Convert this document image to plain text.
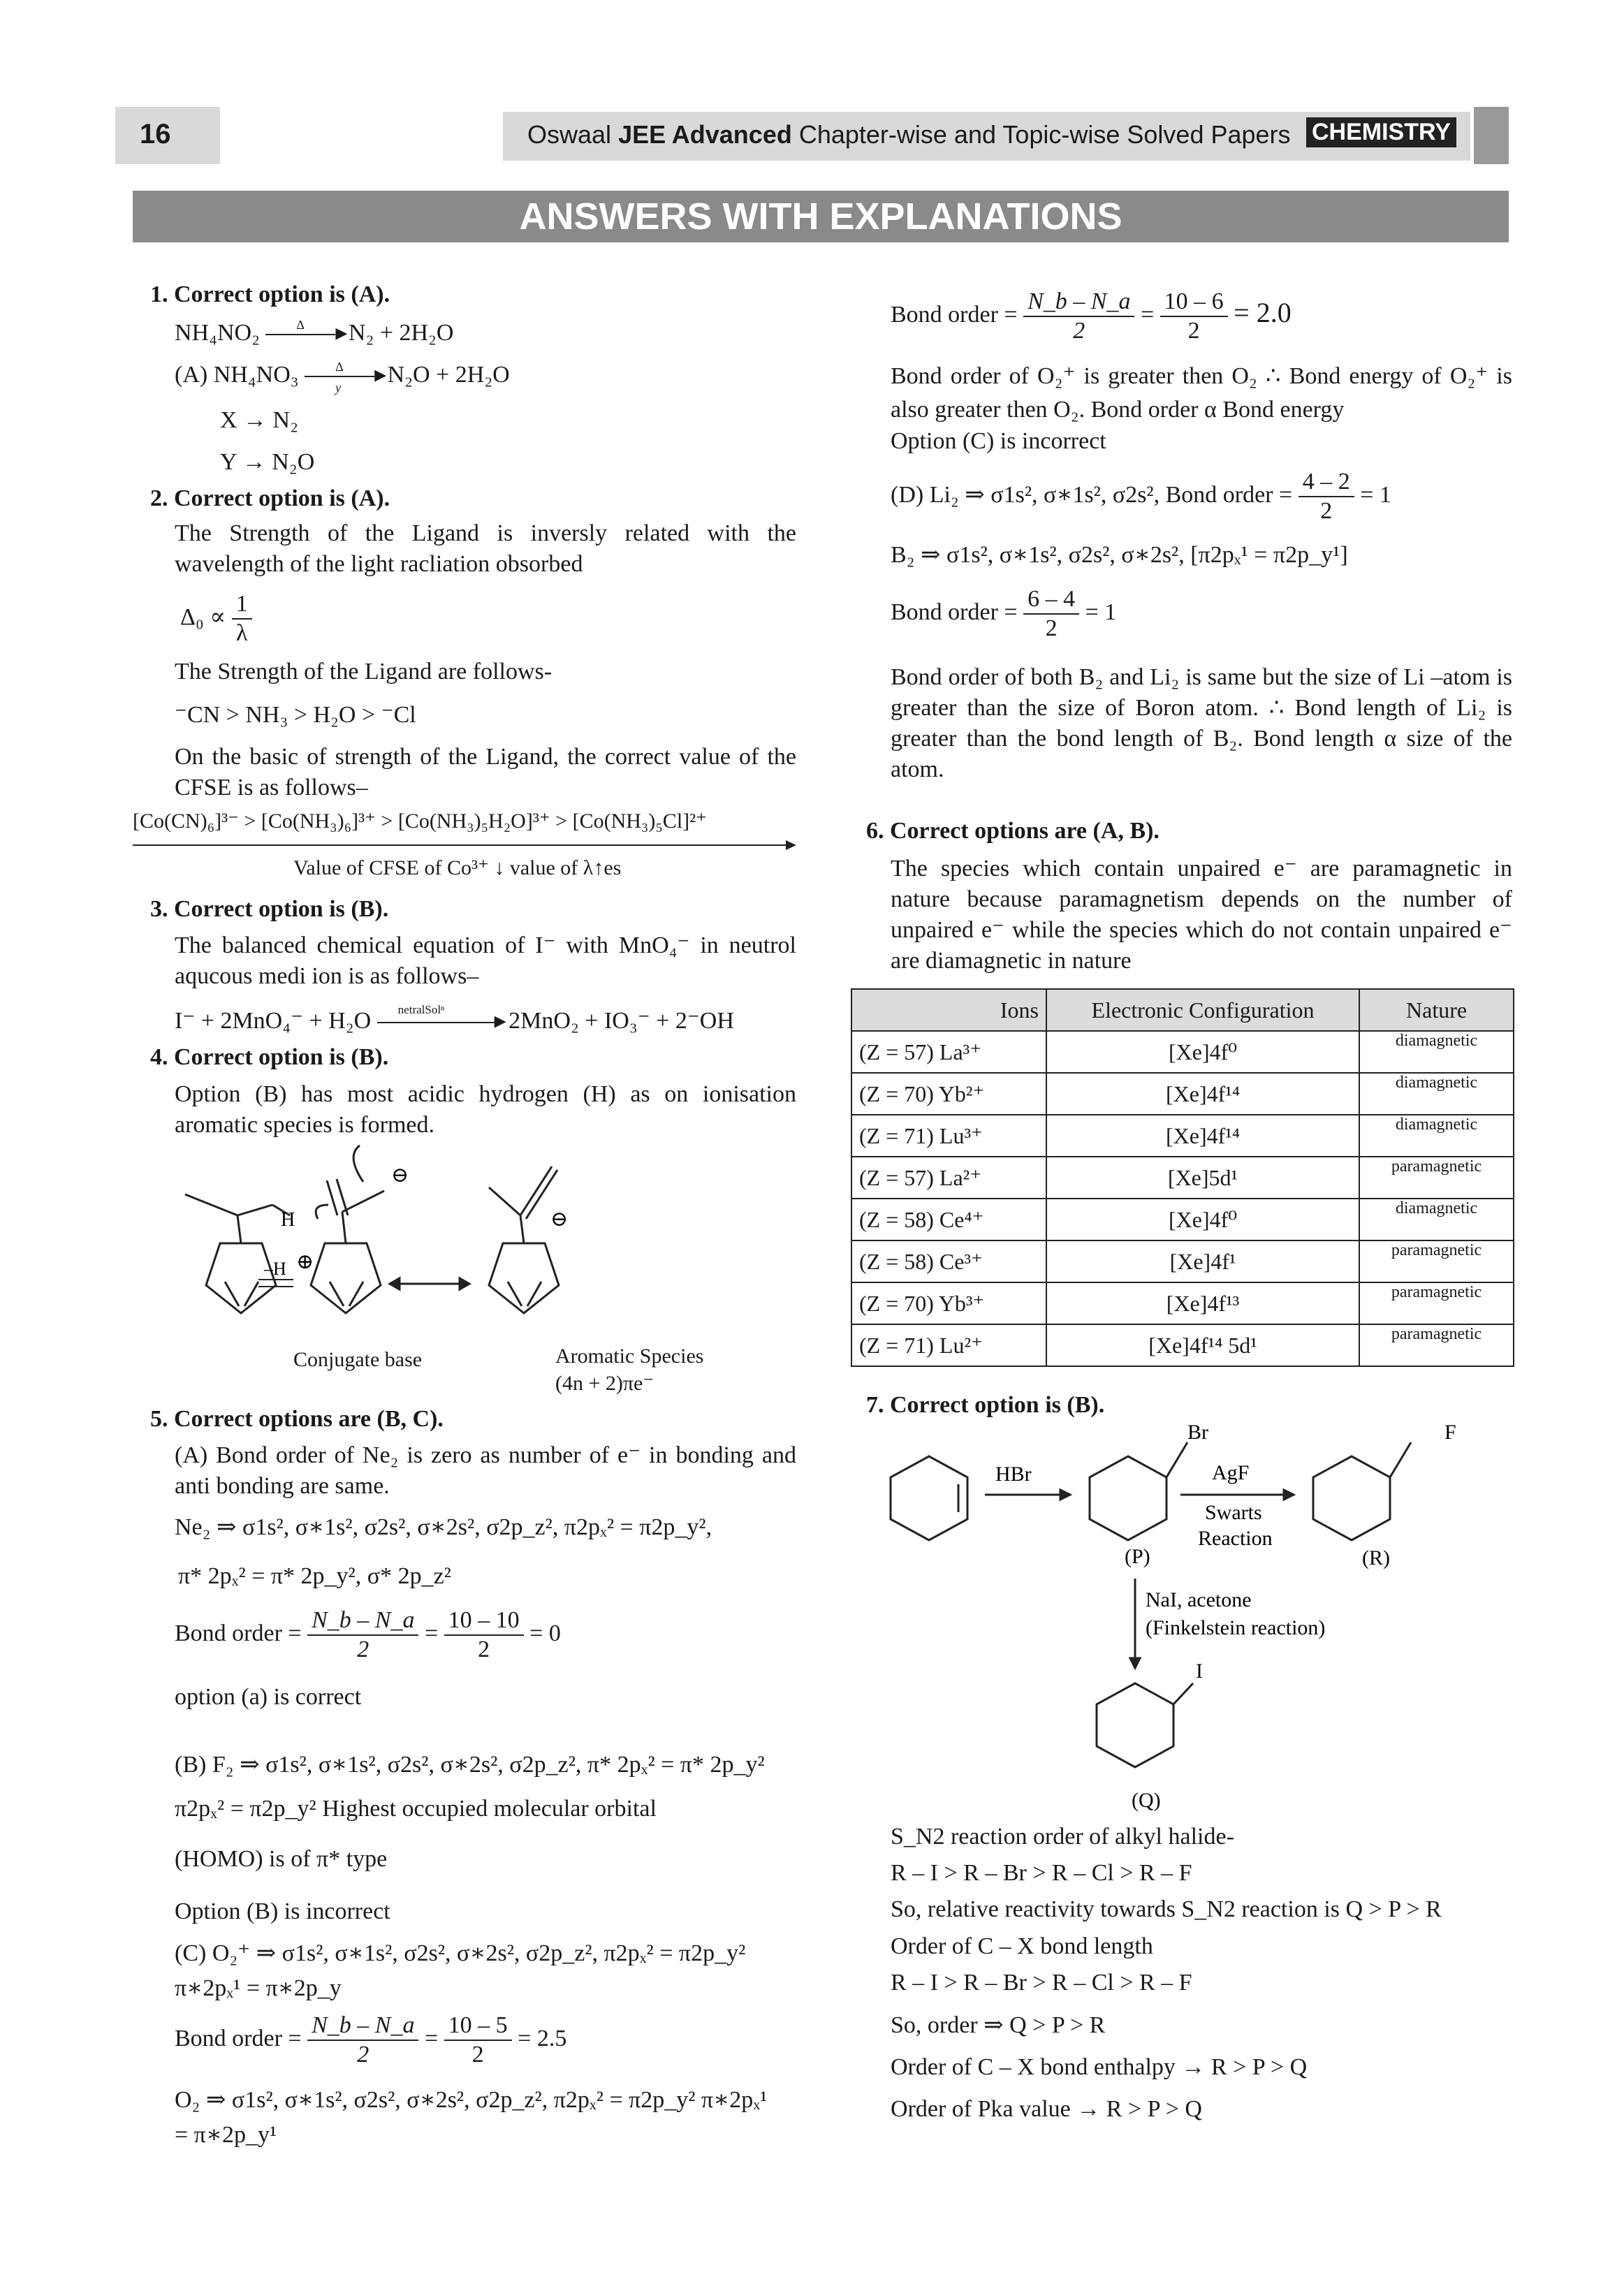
16	Oswaal JEE Advanced Chapter-wise and Topic-wise Solved Papers CHEMISTRY
ANSWERS WITH EXPLANATIONS
1. Correct option is (A).
NH₄NO₂	Δ ▸ N₂ + 2H₂O
(A) NH₄NO₃	Δ
y ▸ N₂O + 2H₂O
X → N₂
Y → N₂O
2. Correct option is (A).
The Strength of the Ligand is inversly related with the wavelength of the light racliation obsorbed
$\Delta_0 \propto \frac{1}{\lambda}$
The Strength of the Ligand are follows-
⁻CN > NH₃ > H₂O > ⁻Cl
On the basic of strength of the Ligand, the correct value of the CFSE is as follows–
[Co(CN)₆]³⁻ > [Co(NH₃)₆]³⁺ > [Co(NH₃)₅H₂O]³⁺ > [Co(NH₃)₅Cl]²⁺
Value of CFSE of Co³⁺ ↓ value of λ↑es
3. Correct option is (B).
The balanced chemical equation of I⁻ with MnO₄⁻ in neutrol aqucous medi ion is as follows–
I⁻ + 2MnO₄⁻ + H₂O netralSolⁿ ▸ 2MnO₂ + IO₃⁻ + 2⁻OH
4. Correct option is (B).
Option (B) has most acidic hydrogen (H) as on ionisation aromatic species is formed.
H
–H ⊕
⊖
⊖
Conjugate base	Aromatic Species
(4n + 2)πe⁻
5. Correct options are (B, C).
(A) Bond order of Ne₂ is zero as number of e⁻ in bonding and anti bonding are same.
Ne₂ ⇒ σ1s², σ∗1s², σ2s², σ∗2s², σ2p_z², π2pₓ² = π2p_y²,
π* 2pₓ² = π* 2p_y², σ* 2p_z²
Bond order = $\frac{N\_b - N\_a}{2} = \frac{10 - 10}{2} = 0$
option (a) is correct
(B) F₂ ⇒ σ1s², σ∗1s², σ2s², σ∗2s², σ2p_z², π* 2pₓ² = π* 2p_y²
π2pₓ² = π2p_y² Highest occupied molecular orbital
(HOMO) is of π* type
Option (B) is incorrect
(C) O₂⁺ ⇒ σ1s², σ∗1s², σ2s², σ∗2s², σ2p_z², π2pₓ² = π2p_y²
π∗2pₓ¹ = π∗2p_y
Bond order = $\frac{N\_b - N\_a}{2} = \frac{10 - 5}{2} = 2.5$
O₂ ⇒ σ1s², σ∗1s², σ2s², σ∗2s², σ2p_z², π2pₓ² = π2p_y² π∗2pₓ¹
= π∗2p_y¹
Bond order = $\frac{N\_b - N\_a}{2} = \frac{10 - 6}{2} = 2.0$
Bond order of O₂⁺ is greater then O₂ ∴ Bond energy of O₂⁺ is also greater then O₂. Bond order α Bond energy
Option (C) is incorrect
(D) Li₂ ⇒ σ1s², σ∗1s², σ2s², Bond order = $\frac{4 - 2}{2} = 1$
B₂ ⇒ σ1s², σ∗1s², σ2s², σ∗2s², [π2pₓ¹ = π2p_y¹]
Bond order = $\frac{6 - 4}{2} = 1$
Bond order of both B₂ and Li₂ is same but the size of Li –atom is greater than the size of Boron atom. ∴ Bond length of Li₂ is greater than the bond length of B₂. Bond length α size of the atom.
6. Correct options are (A, B).
The species which contain unpaired e⁻ are paramagnetic in nature because paramagnetism depends on the number of unpaired e⁻ while the species which do not contain unpaired e⁻ are diamagnetic in nature
Ions	Electronic Configuration	Nature
(Z = 57) La³⁺	[Xe]4f⁰	diamagnetic
(Z = 70) Yb²⁺	[Xe]4f¹⁴	diamagnetic
(Z = 71) Lu³⁺	[Xe]4f¹⁴	diamagnetic
(Z = 57) La²⁺	[Xe]5d¹	paramagnetic
(Z = 58) Ce⁴⁺	[Xe]4f⁰	diamagnetic
(Z = 58) Ce³⁺	[Xe]4f¹	paramagnetic
(Z = 70) Yb³⁺	[Xe]4f¹³	paramagnetic
(Z = 71) Lu²⁺	[Xe]4f¹⁴ 5d¹	paramagnetic
7. Correct option is (B).
HBr
Br
AgF
Swarts
Reaction
F
(P)	(R)
NaI, acetone
(Finkelstein reaction)
I
(Q)
S_N2 reaction order of alkyl halide-
R – I > R – Br > R – Cl > R – F
So, relative reactivity towards S_N2 reaction is Q > P > R
Order of C – X bond length
R – I > R – Br > R – Cl > R – F
So, order ⇒ Q > P > R
Order of C – X bond enthalpy → R > P > Q
Order of Pka value → R > P > Q
